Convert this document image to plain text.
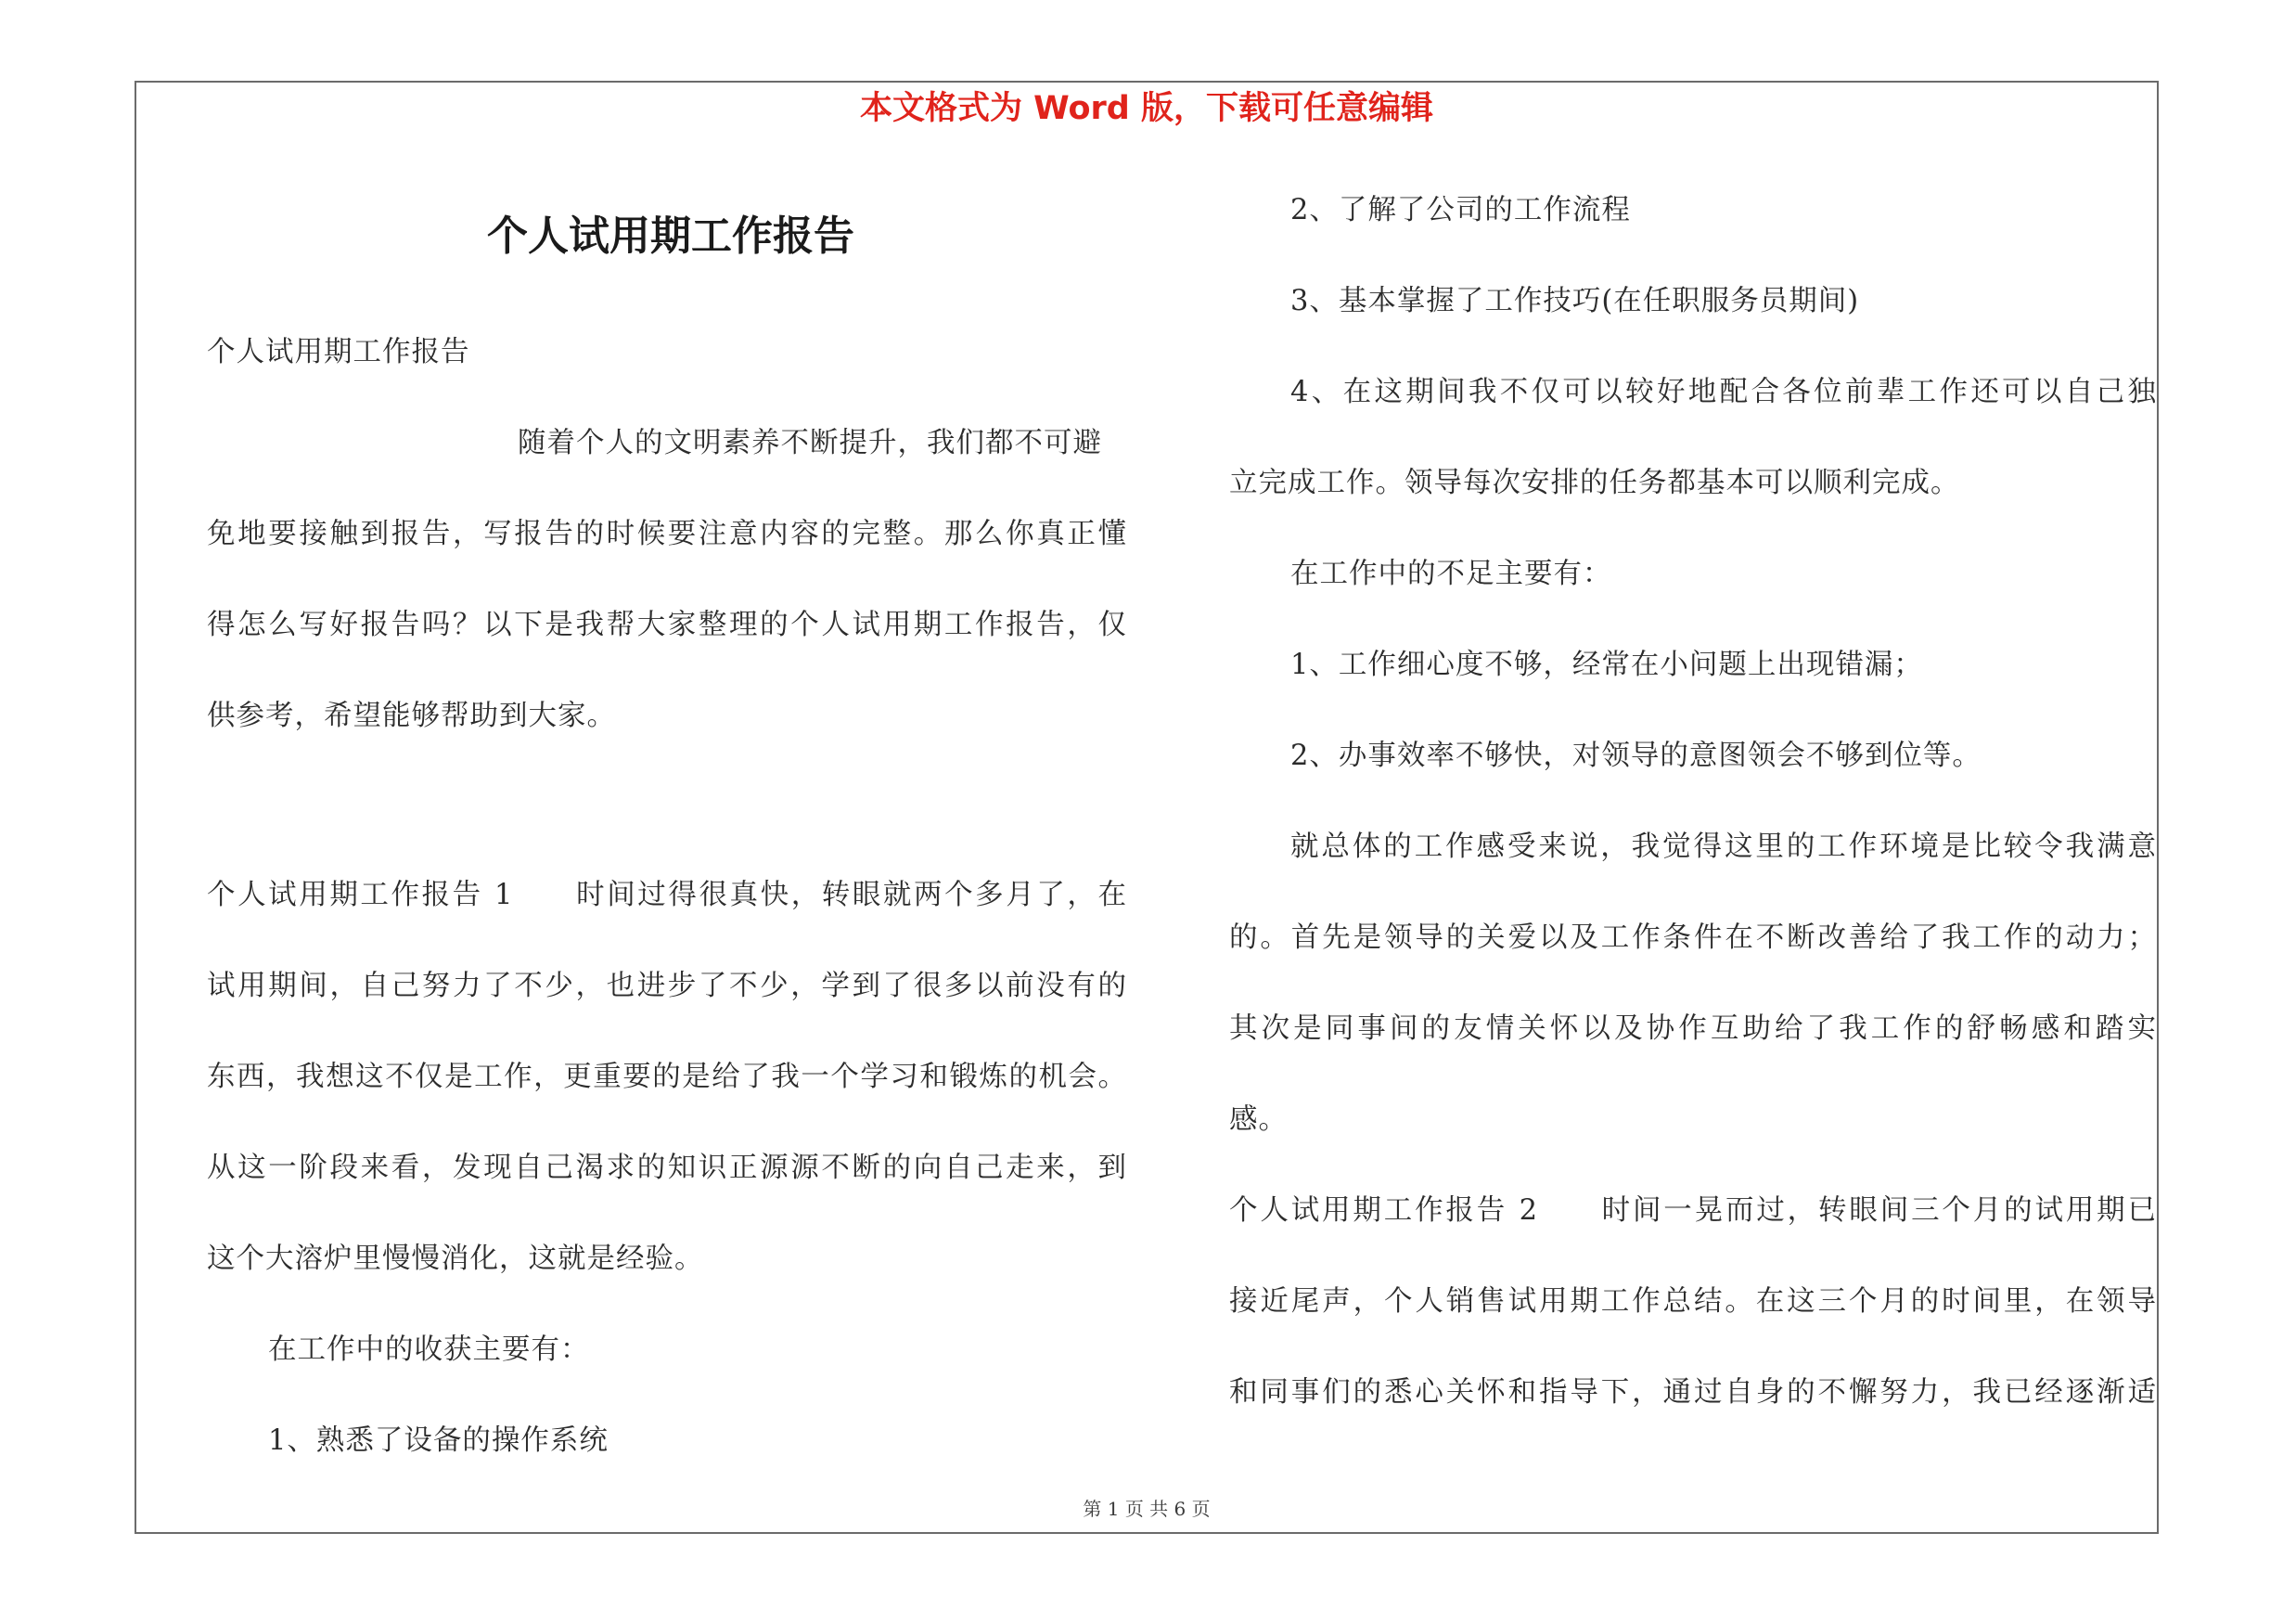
本文格式为 Word 版，下载可任意编辑
个人试用期工作报告
个人试用期工作报告
随着个人的文明素养不断提升，我们都不可避
免地要接触到报告，写报告的时候要注意内容的完整。那么你真正懂
得怎么写好报告吗？以下是我帮大家整理的个人试用期工作报告，仅
供参考，希望能够帮助到大家。
个人试用期工作报告 1　　时间过得很真快，转眼就两个多月了，在
试用期间，自己努力了不少，也进步了不少，学到了很多以前没有的
东西，我想这不仅是工作，更重要的是给了我一个学习和锻炼的机会。
从这一阶段来看，发现自己渴求的知识正源源不断的向自己走来，到
这个大溶炉里慢慢消化，这就是经验。
在工作中的收获主要有：
1、熟悉了设备的操作系统
2、了解了公司的工作流程
3、基本掌握了工作技巧(在任职服务员期间)
4、在这期间我不仅可以较好地配合各位前辈工作还可以自己独
立完成工作。领导每次安排的任务都基本可以顺利完成。
在工作中的不足主要有：
1、工作细心度不够，经常在小问题上出现错漏；
2、办事效率不够快，对领导的意图领会不够到位等。
就总体的工作感受来说，我觉得这里的工作环境是比较令我满意
的。首先是领导的关爱以及工作条件在不断改善给了我工作的动力；
其次是同事间的友情关怀以及协作互助给了我工作的舒畅感和踏实
感。
个人试用期工作报告 2　　时间一晃而过，转眼间三个月的试用期已
接近尾声，个人销售试用期工作总结。在这三个月的时间里，在领导
和同事们的悉心关怀和指导下，通过自身的不懈努力，我已经逐渐适
第 1 页 共 6 页
